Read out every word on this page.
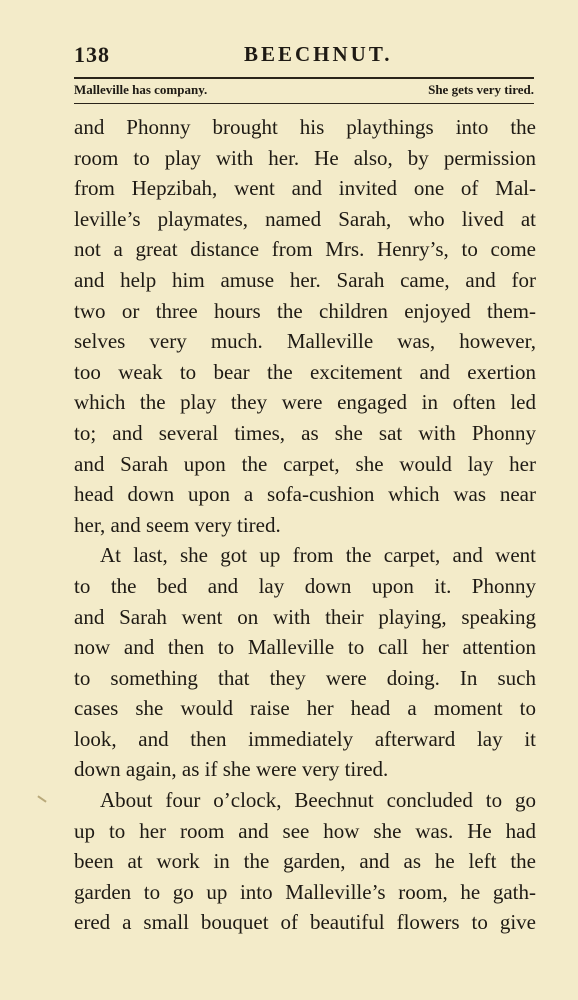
138	BEECHNUT.
Malleville has company.	She gets very tired.
and Phonny brought his playthings into the
room to play with her. He also, by permission
from Hepzibah, went and invited one of Mal-
leville’s playmates, named Sarah, who lived at
not a great distance from Mrs. Henry’s, to come
and help him amuse her. Sarah came, and for
two or three hours the children enjoyed them-
selves very much. Malleville was, however,
too weak to bear the excitement and exertion
which the play they were engaged in often led
to; and several times, as she sat with Phonny
and Sarah upon the carpet, she would lay her
head down upon a sofa-cushion which was near
her, and seem very tired.
At last, she got up from the carpet, and went
to the bed and lay down upon it. Phonny
and Sarah went on with their playing, speaking
now and then to Malleville to call her attention
to something that they were doing. In such
cases she would raise her head a moment to
look, and then immediately afterward lay it
down again, as if she were very tired.
About four o’clock, Beechnut concluded to go
up to her room and see how she was. He had
been at work in the garden, and as he left the
garden to go up into Malleville’s room, he gath-
ered a small bouquet of beautiful flowers to give
